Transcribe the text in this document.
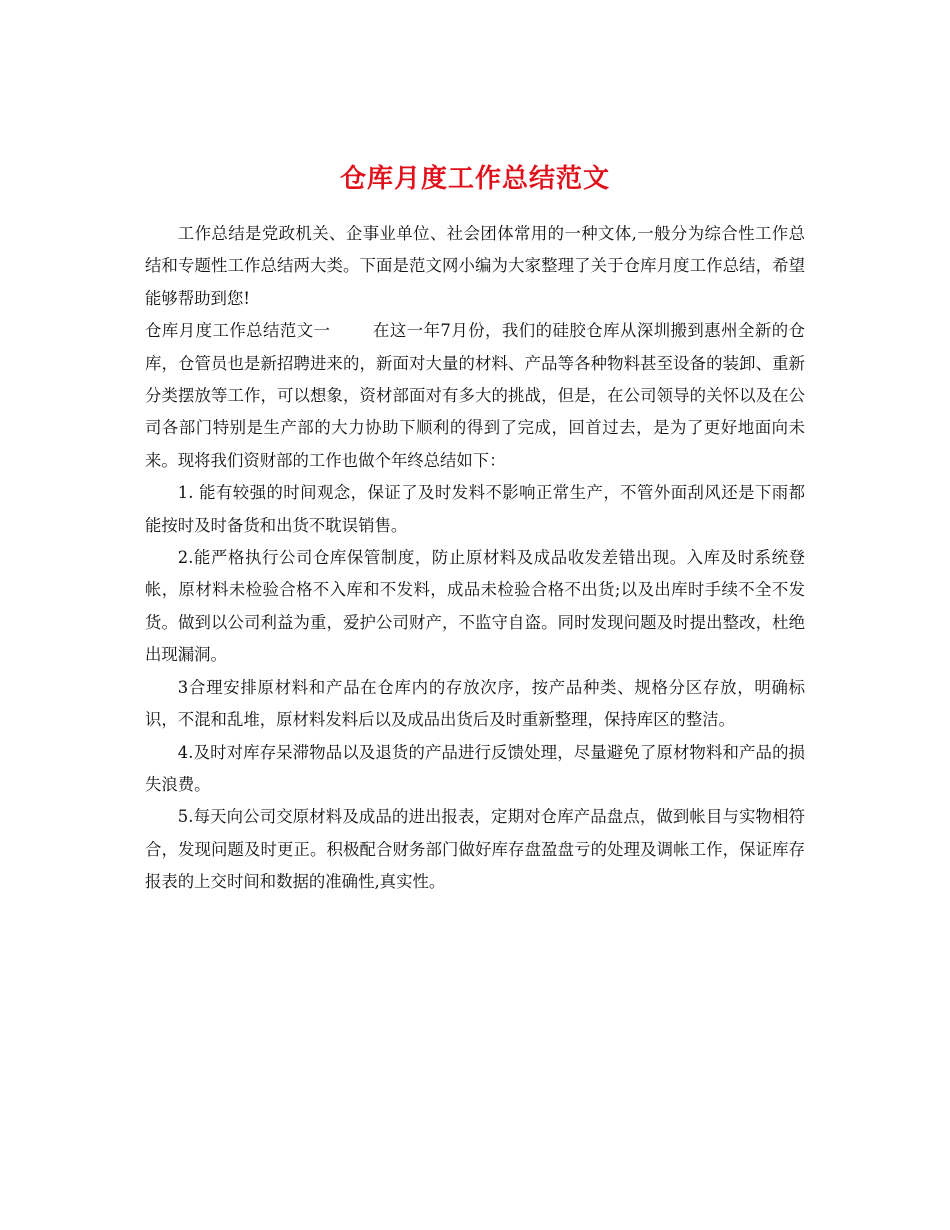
仓库月度工作总结范文

工作总结是党政机关、企事业单位、社会团体常用的一种文体,一般分为综合性工作总结和专题性工作总结两大类。下面是范文网小编为大家整理了关于仓库月度工作总结，希望能够帮助到您!

仓库月度工作总结范文一	在这一年7月份，我们的硅胶仓库从深圳搬到惠州全新的仓库，仓管员也是新招聘进来的，新面对大量的材料、产品等各种物料甚至设备的装卸、重新分类摆放等工作，可以想象，资材部面对有多大的挑战，但是，在公司领导的关怀以及在公司各部门特别是生产部的大力协助下顺利的得到了完成，回首过去，是为了更好地面向未来。现将我们资财部的工作也做个年终总结如下：

1. 能有较强的时间观念，保证了及时发料不影响正常生产，不管外面刮风还是下雨都能按时及时备货和出货不耽误销售。

2.能严格执行公司仓库保管制度，防止原材料及成品收发差错出现。入库及时系统登帐，原材料未检验合格不入库和不发料，成品未检验合格不出货;以及出库时手续不全不发货。做到以公司利益为重，爱护公司财产，不监守自盗。同时发现问题及时提出整改，杜绝出现漏洞。

3合理安排原材料和产品在仓库内的存放次序，按产品种类、规格分区存放，明确标识，不混和乱堆，原材料发料后以及成品出货后及时重新整理，保持库区的整洁。

4.及时对库存呆滞物品以及退货的产品进行反馈处理，尽量避免了原材物料和产品的损失浪费。

5.每天向公司交原材料及成品的进出报表，定期对仓库产品盘点，做到帐目与实物相符合，发现问题及时更正。积极配合财务部门做好库存盘盈盘亏的处理及调帐工作，保证库存报表的上交时间和数据的准确性,真实性。
